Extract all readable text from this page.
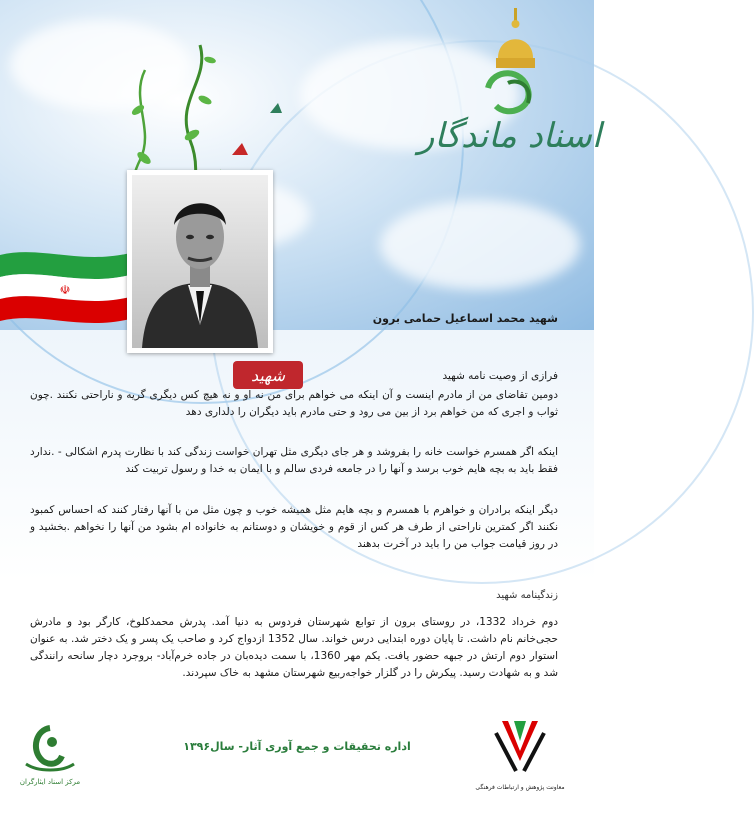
☫
اسناد ماندگار
شهید محمد اسماعیل حمامی برون
شهید	فرازی از وصیت نامه شهید
دومین تقاضای من از مادرم اینست و آن اینکه می خواهم برای من نه او و نه هیچ کس دیگری گریه و ناراحتی نکنند .چون ثواب و اجری که من خواهم برد از بین می رود و حتی مادرم باید دیگران را دلداری دهد
اینکه اگر همسرم خواست خانه را بفروشد و هر جای دیگری مثل تهران خواست زندگی کند با نظارت پدرم اشکالی - .ندارد فقط باید به بچه هایم خوب برسد و آنها را در جامعه فردی سالم و با ایمان به خدا و رسول تربیت کند
دیگر اینکه برادران و خواهرم با همسرم و بچه هایم مثل همیشه خوب و چون مثل من با آنها رفتار کنند که احساس کمبود نکنند اگر کمترین ناراحتی از طرف هر کس از قوم و خویشان و دوستانم به خانواده ام بشود من آنها را نخواهم .بخشید و در روز قیامت جواب من را باید در آخرت بدهند
زندگینامه شهید
دوم خرداد 1332، در روستای برون از توابع شهرستان فردوس به دنیا آمد. پدرش محمدکلوخ، کارگر بود و مادرش حجی‌خانم نام داشت. تا پایان دوره ابتدایی درس خواند. سال 1352 ازدواج کرد و صاحب یک پسر و یک دختر شد. به عنوان استوار دوم ارتش در جبهه حضور یافت. یکم مهر 1360، با سمت دیده‌بان در جاده خرم‌آباد- بروجرد دچار سانحه رانندگی شد و به شهادت رسید. پیکرش را در گلزار خواجه‌ربیع شهرستان مشهد به خاک سپردند.
مرکز اسناد ایثارگران
اداره تحقیقات و جمع آوری آثار- سال۱۳۹۶
معاونت پژوهش و ارتباطات فرهنگی
